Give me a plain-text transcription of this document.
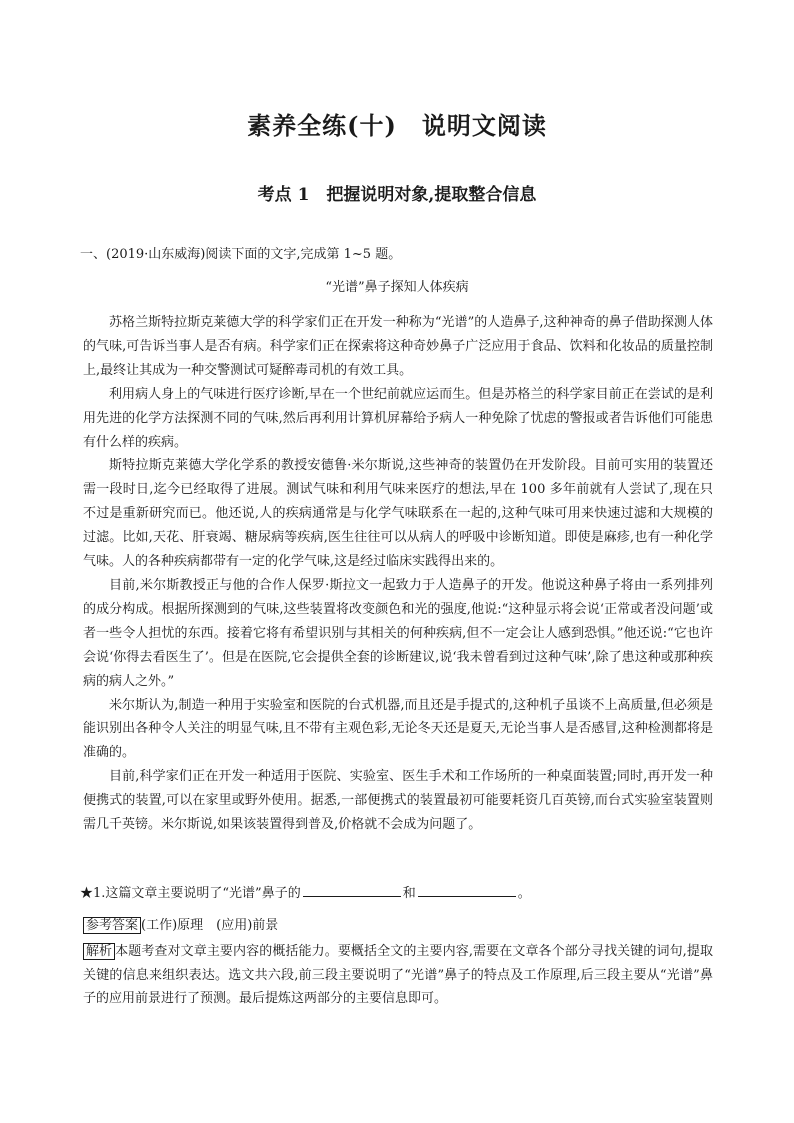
素养全练(十)　说明文阅读
考点 1　把握说明对象,提取整合信息
一、(2019·山东威海)阅读下面的文字,完成第 1~5 题。
“光谱”鼻子探知人体疾病

苏格兰斯特拉斯克莱德大学的科学家们正在开发一种称为“光谱”的人造鼻子,这种神奇的鼻子借助探测人体的气味,可告诉当事人是否有病。科学家们正在探索将这种奇妙鼻子广泛应用于食品、饮料和化妆品的质量控制上,最终让其成为一种交警测试可疑醉毒司机的有效工具。

利用病人身上的气味进行医疗诊断,早在一个世纪前就应运而生。但是苏格兰的科学家目前正在尝试的是利用先进的化学方法探测不同的气味,然后再利用计算机屏幕给予病人一种免除了忧虑的警报或者告诉他们可能患有什么样的疾病。

斯特拉斯克莱德大学化学系的教授安德鲁·米尔斯说,这些神奇的装置仍在开发阶段。目前可实用的装置还需一段时日,迄今已经取得了进展。测试气味和利用气味来医疗的想法,早在 100 多年前就有人尝试了,现在只不过是重新研究而已。他还说,人的疾病通常是与化学气味联系在一起的,这种气味可用来快速过滤和大规模的过滤。比如,天花、肝衰竭、糖尿病等疾病,医生往往可以从病人的呼吸中诊断知道。即使是麻疹,也有一种化学气味。人的各种疾病都带有一定的化学气味,这是经过临床实践得出来的。

目前,米尔斯教授正与他的合作人保罗·斯拉文一起致力于人造鼻子的开发。他说这种鼻子将由一系列排列的成分构成。根据所探测到的气味,这些装置将改变颜色和光的强度,他说:“这种显示将会说‘正常或者没问题’或者一些令人担忧的东西。接着它将有希望识别与其相关的何种疾病,但不一定会让人感到恐惧。”他还说:“它也许会说‘你得去看医生了’。但是在医院,它会提供全套的诊断建议,说‘我未曾看到过这种气味’,除了患这种或那种疾病的病人之外。”

米尔斯认为,制造一种用于实验室和医院的台式机器,而且还是手提式的,这种机子虽谈不上高质量,但必须是能识别出各种令人关注的明显气味,且不带有主观色彩,无论冬天还是夏天,无论当事人是否感冒,这种检测都将是准确的。

目前,科学家们正在开发一种适用于医院、实验室、医生手术和工作场所的一种桌面装置;同时,再开发一种便携式的装置,可以在家里或野外使用。据悉,一部便携式的装置最初可能要耗资几百英镑,而台式实验室装置则需几千英镑。米尔斯说,如果该装置得到普及,价格就不会成为问题了。

★1.这篇文章主要说明了“光谱”鼻子的	和	。
参考答案 (工作)原理　(应用)前景
解析 本题考查对文章主要内容的概括能力。要概括全文的主要内容,需要在文章各个部分寻找关键的词句,提取关键的信息来组织表达。选文共六段,前三段主要说明了“光谱”鼻子的特点及工作原理,后三段主要从“光谱”鼻子的应用前景进行了预测。最后提炼这两部分的主要信息即可。
